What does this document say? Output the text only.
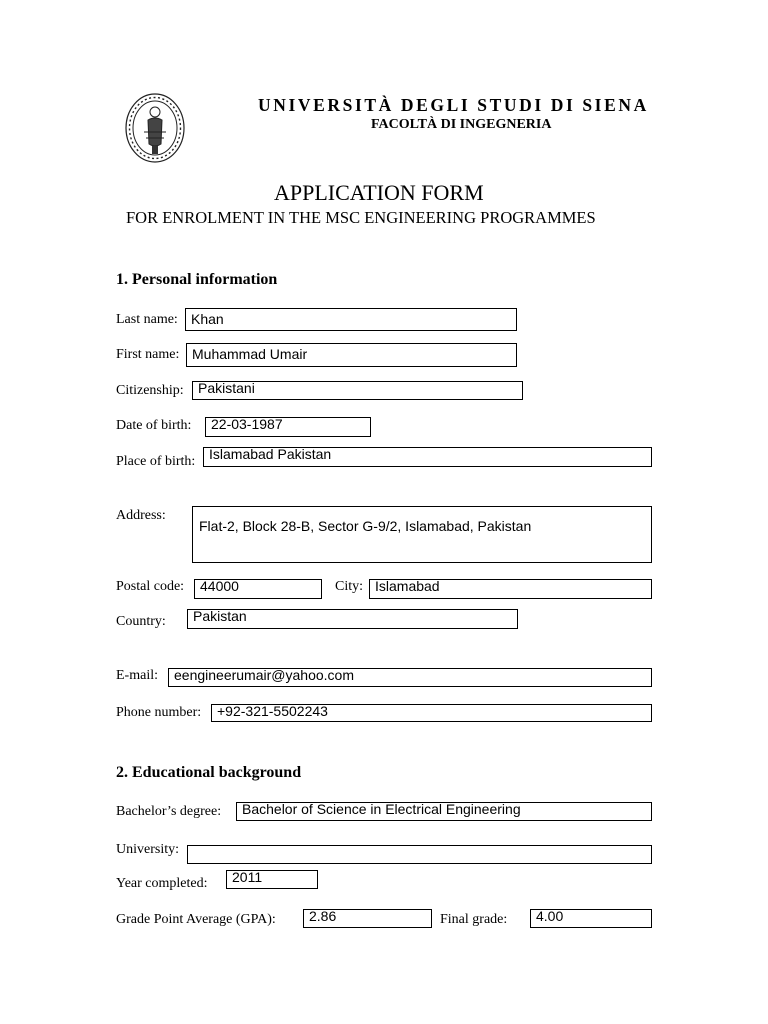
UNIVERSITÀ DEGLI STUDI DI SIENA
FACOLTÀ DI INGEGNERIA
APPLICATION FORM
FOR ENROLMENT IN THE MSC ENGINEERING PROGRAMMES
1. Personal information
Last name: Khan
First name: Muhammad Umair
Citizenship:	Pakistani
Date of birth:	22-03-1987
Place of birth: Islamabad Pakistan
Address:
Flat-2, Block 28-B, Sector G-9/2, Islamabad, Pakistan
Postal code:	44000	City: Islamabad
Country:	Pakistan
E-mail:	eengineerumair@yahoo.com
Phone number:	+92-321-5502243
2. Educational background
Bachelor’s degree:	Bachelor of Science in Electrical Engineering
University:
Year completed:	2011
Grade Point Average (GPA):	2.86	Final grade:	4.00
